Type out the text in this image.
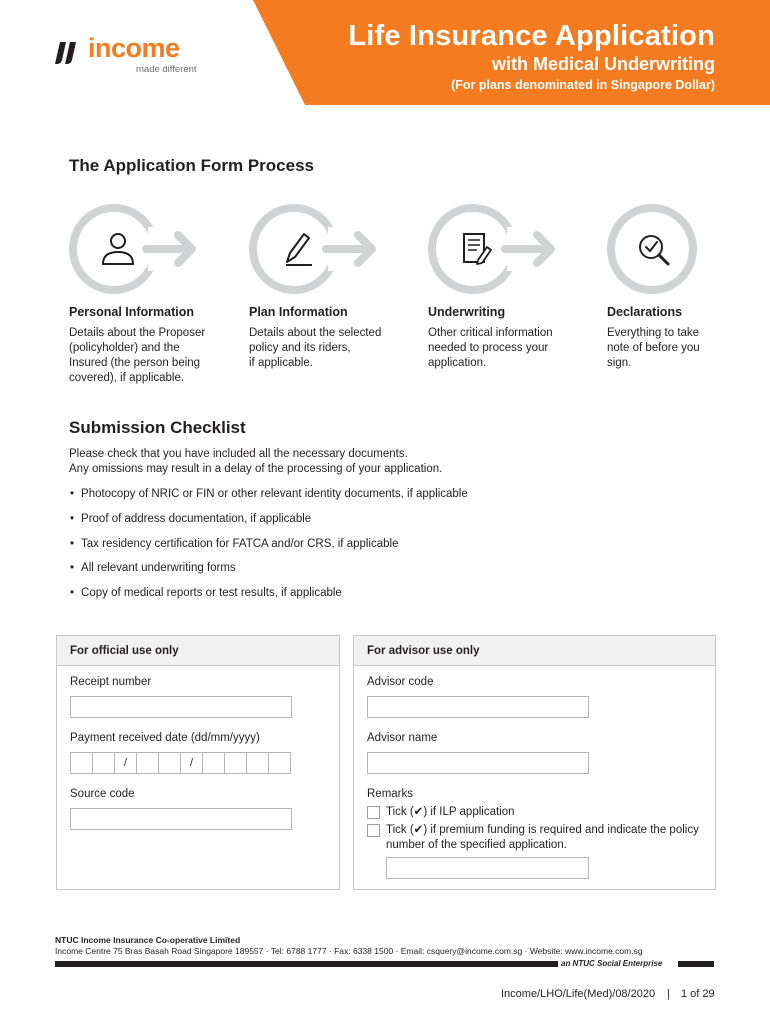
Life Insurance Application
with Medical Underwriting
(For plans denominated in Singapore Dollar)
income
made different
The Application Form Process
Personal Information
Details about the Proposer
(policyholder) and the
Insured (the person being
covered), if applicable.
Plan Information
Details about the selected
policy and its riders,
if applicable.
Underwriting
Other critical information
needed to process your
application.
Declarations
Everything to take
note of before you
sign.
Submission Checklist
Please check that you have included all the necessary documents.
Any omissions may result in a delay of the processing of your application.
• Photocopy of NRIC or FIN or other relevant identity documents, if applicable
• Proof of address documentation, if applicable
• Tax residency certification for FATCA and/or CRS, if applicable
• All relevant underwriting forms
• Copy of medical reports or test results, if applicable
For official use only
Receipt number
Payment received date (dd/mm/yyyy)
/	/
Source code
For advisor use only
Advisor code
Advisor name
Remarks
Tick (✔) if ILP application
Tick (✔) if premium funding is required and indicate the policy number of the specified application.
NTUC Income Insurance Co-operative Limited
Income Centre 75 Bras Basah Road Singapore 189557 · Tel: 6788 1777 · Fax: 6338 1500 · Email: csquery@income.com.sg · Website: www.income.com.sg
an NTUC Social Enterprise
Income/LHO/Life(Med)/08/2020 | 1 of 29
